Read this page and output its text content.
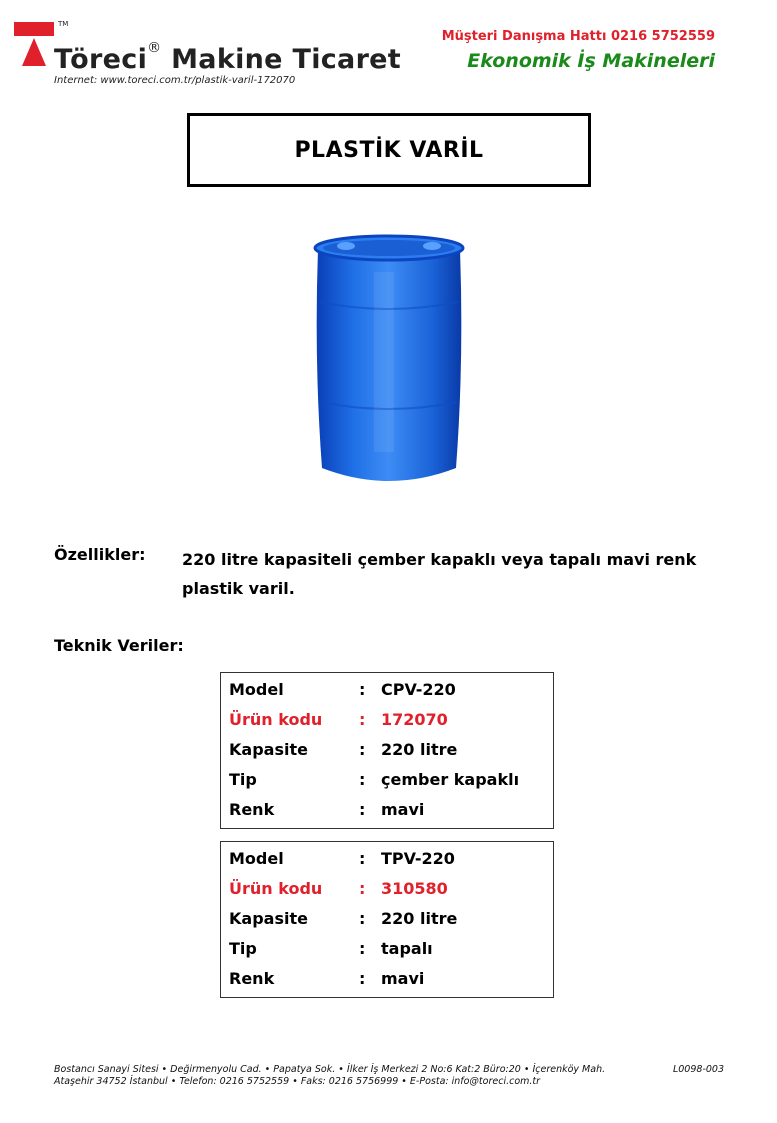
TM
Töreci® Makine Ticaret
Internet: www.toreci.com.tr/plastik-varil-172070
Müşteri Danışma Hattı 0216 5752559
Ekonomik İş Makineleri
PLASTİK VARİL
Özellikler: 220 litre kapasiteli çember kapaklı veya tapalı mavi renk plastik varil.
Teknik Veriler:
Model	: CPV-220
Ürün kodu	: 172070
Kapasite	: 220 litre
Tip	: çember kapaklı
Renk	: mavi
Model	: TPV-220
Ürün kodu	: 310580
Kapasite	: 220 litre
Tip	: tapalı
Renk	: mavi
Bostancı Sanayi Sitesi • Değirmenyolu Cad. • Papatya Sok. • İlker İş Merkezi 2 No:6 Kat:2 Büro:20 • İçerenköy Mah.
Ataşehir 34752 İstanbul • Telefon: 0216 5752559 • Faks: 0216 5756999 • E-Posta: info@toreci.com.tr
L0098-003
